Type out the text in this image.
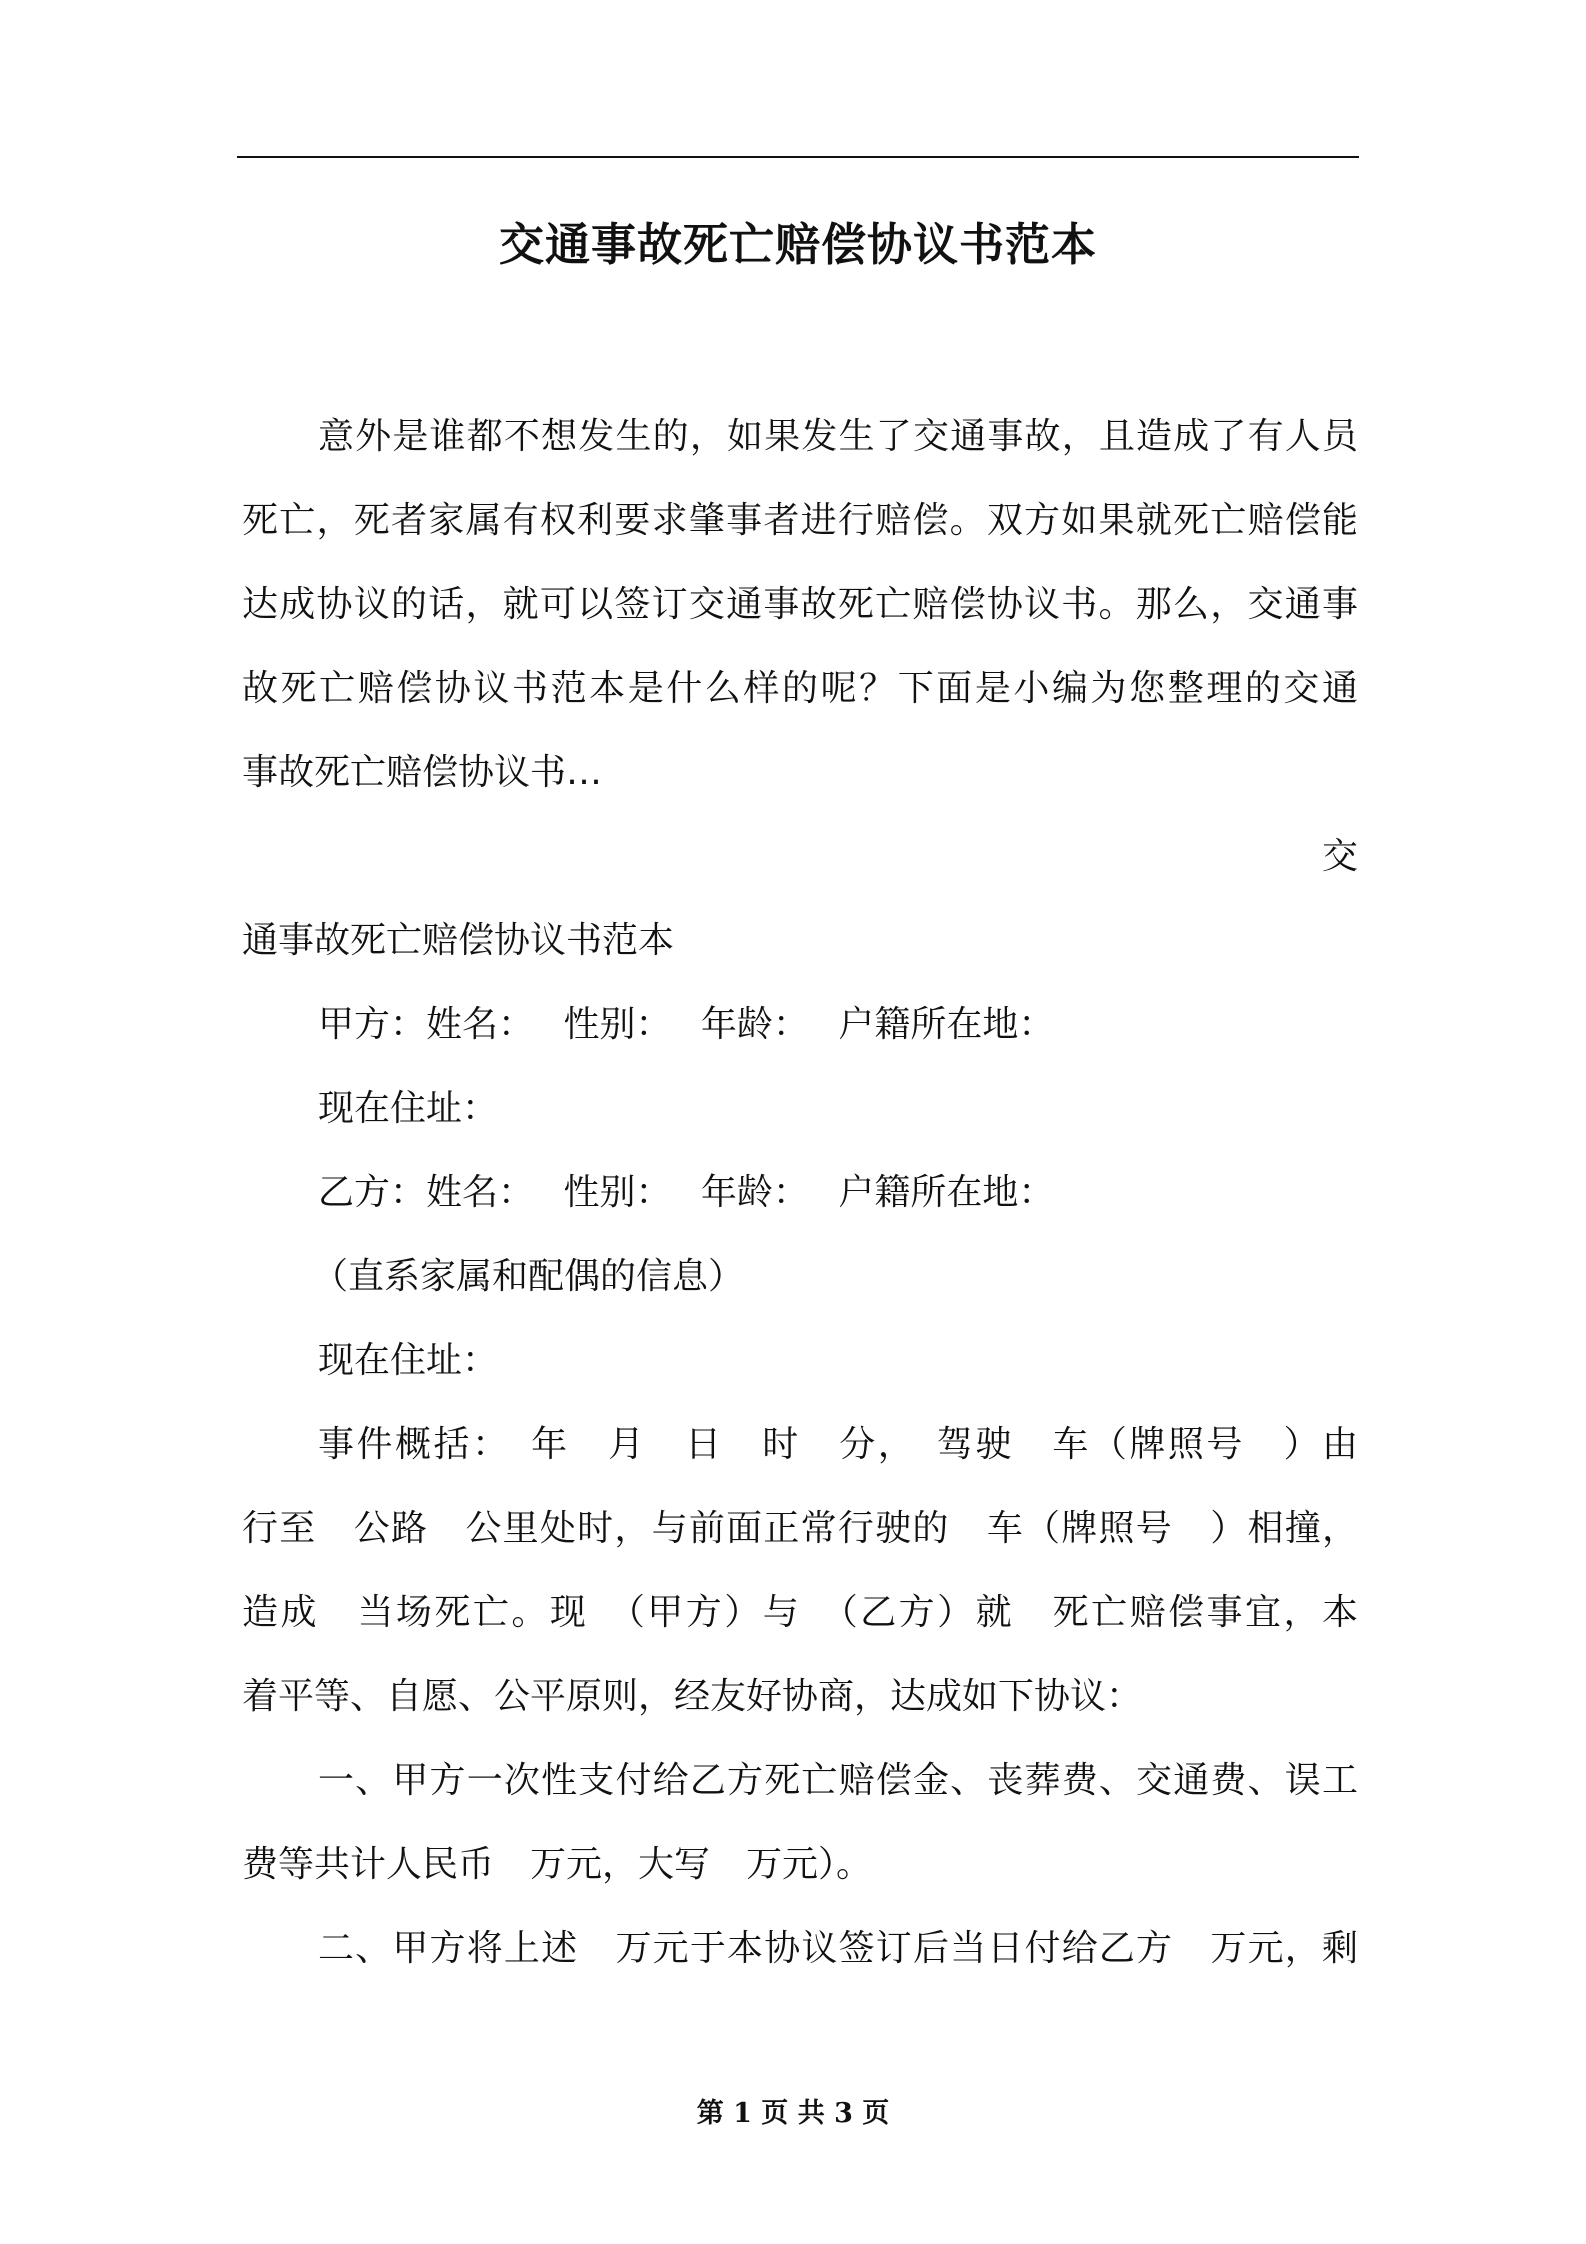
交通事故死亡赔偿协议书范本
意外是谁都不想发生的，如果发生了交通事故，且造成了有人员
死亡，死者家属有权利要求肇事者进行赔偿。双方如果就死亡赔偿能
达成协议的话，就可以签订交通事故死亡赔偿协议书。那么，交通事
故死亡赔偿协议书范本是什么样的呢？下面是小编为您整理的交通
事故死亡赔偿协议书…
交
通事故死亡赔偿协议书范本
甲方：姓名：　 性别：　 年龄：　 户籍所在地：
现在住址：
乙方：姓名：　 性别：　 年龄：　 户籍所在地：
（直系家属和配偶的信息）
现在住址：
事件概括：　年　月　日　时　分，　驾驶　车（牌照号　）由
行至　公路　公里处时，与前面正常行驶的　车（牌照号　）相撞，
造成　当场死亡。现　（甲方）与　（乙方）就　死亡赔偿事宜，本
着平等、自愿、公平原则，经友好协商，达成如下协议：
一、甲方一次性支付给乙方死亡赔偿金、丧葬费、交通费、误工
费等共计人民币　万元，大写　万元）。
二、甲方将上述　万元于本协议签订后当日付给乙方　万元，剩
第 1 页 共 3 页
